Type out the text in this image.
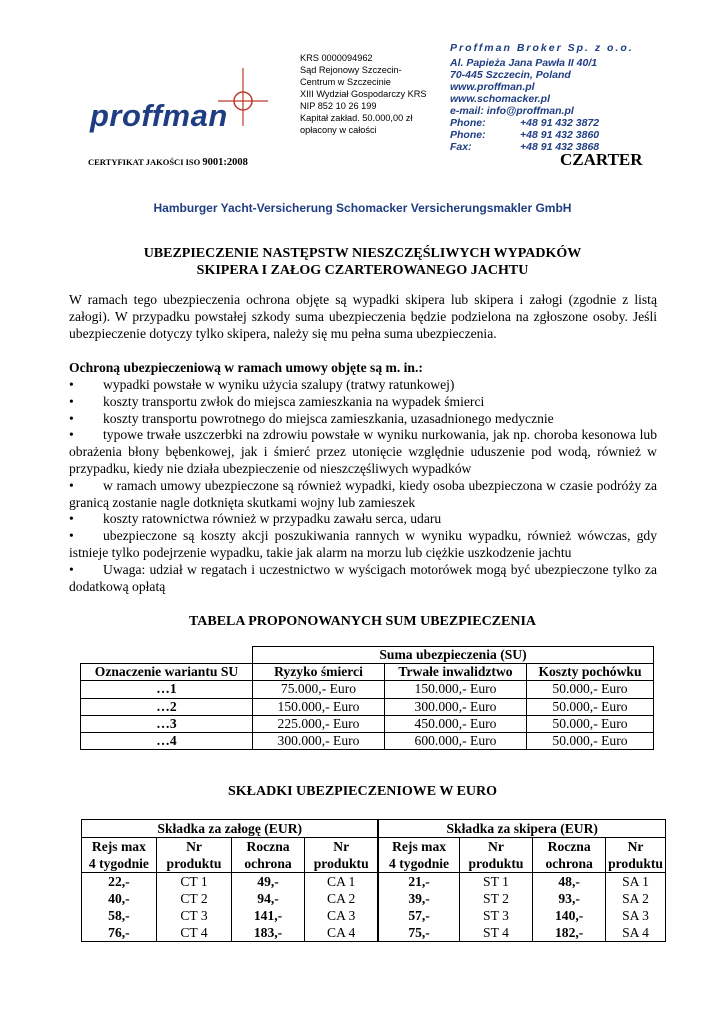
proffman
KRS 0000094962
Sąd Rejonowy Szczecin-
Centrum w Szczecinie
XIII Wydział Gospodarczy KRS
NIP 852 10 26 199
Kapitał zakład. 50.000,00 zł
opłacony w całości
Proffman Broker Sp. z o.o.
Al. Papieża Jana Pawła II 40/1
70-445 Szczecin, Poland
www.proffman.pl
www.schomacker.pl
e-mail: info@proffman.pl
Phone:	+48 91 432 3872
Phone:	+48 91 432 3860
Fax:	+48 91 432 3868
CERTYFIKAT JAKOŚCI ISO 9001:2008	CZARTER
Hamburger Yacht-Versicherung Schomacker Versicherungsmakler GmbH
UBEZPIECZENIE NASTĘPSTW NIESZCZĘŚLIWYCH WYPADKÓW
SKIPERA I ZAŁOG CZARTEROWANEGO JACHTU
W ramach tego ubezpieczenia ochrona objęte są wypadki skipera lub skipera i załogi (zgodnie z listą załogi). W przypadku powstałej szkody suma ubezpieczenia będzie podzielona na zgłoszone osoby. Jeśli ubezpieczenie dotyczy tylko skipera, należy się mu pełna suma ubezpieczenia.
Ochroną ubezpieczeniową w ramach umowy objęte są m. in.:
• wypadki powstałe w wyniku użycia szalupy (tratwy ratunkowej)
• koszty transportu zwłok do miejsca zamieszkania na wypadek śmierci
• koszty transportu powrotnego do miejsca zamieszkania, uzasadnionego medycznie
• typowe trwałe uszczerbki na zdrowiu powstałe w wyniku nurkowania, jak np. choroba kesonowa lub obrażenia błony bębenkowej, jak i śmierć przez utonięcie względnie uduszenie pod wodą, również w przypadku, kiedy nie działa ubezpieczenie od nieszczęśliwych wypadków
• w ramach umowy ubezpieczone są również wypadki, kiedy osoba ubezpieczona w czasie podróży za granicą zostanie nagle dotknięta skutkami wojny lub zamieszek
• koszty ratownictwa również w przypadku zawału serca, udaru
• ubezpieczone są koszty akcji poszukiwania rannych w wyniku wypadku, również wówczas, gdy istnieje tylko podejrzenie wypadku, takie jak alarm na morzu lub ciężkie uszkodzenie jachtu
• Uwaga: udział w regatach i uczestnictwo w wyścigach motorówek mogą być ubezpieczone tylko za dodatkową opłatą
TABELA PROPONOWANYCH SUM UBEZPIECZENIA
	Suma ubezpieczenia (SU)		
Oznaczenie wariantu SU	Ryzyko śmierci	Trwałe inwalidztwo	Koszty pochówku
…1	75.000,- Euro	150.000,- Euro	50.000,- Euro
…2	150.000,- Euro	300.000,- Euro	50.000,- Euro
…3	225.000,- Euro	450.000,- Euro	50.000,- Euro
…4	300.000,- Euro	600.000,- Euro	50.000,- Euro
SKŁADKI UBEZPIECZENIOWE W EURO
Składka za załogę (EUR)				Składka za skipera (EUR)			
Rejs max	Nr	Roczna	Nr	Rejs max	Nr	Roczna	Nr
4 tygodnie	produktu	ochrona	produktu	4 tygodnie	produktu	ochrona	produktu
22,-	CT 1	49,-	CA 1	21,-	ST 1	48,-	SA 1
40,-	CT 2	94,-	CA 2	39,-	ST 2	93,-	SA 2
58,-	CT 3	141,-	CA 3	57,-	ST 3	140,-	SA 3
76,-	CT 4	183,-	CA 4	75,-	ST 4	182,-	SA 4
